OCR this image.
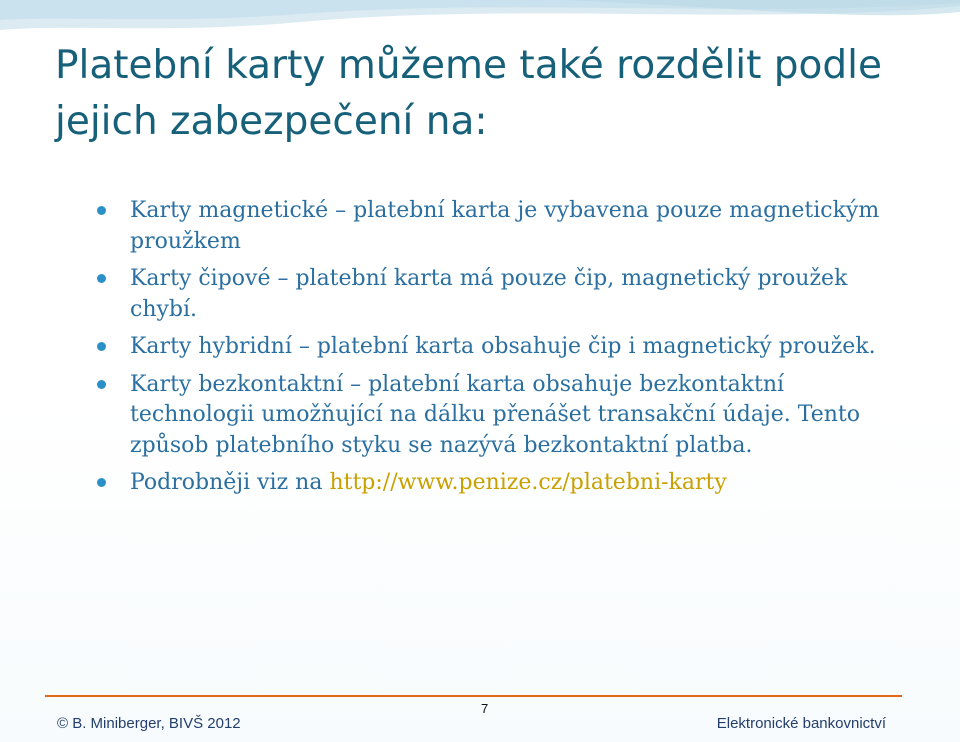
Platební karty můžeme také rozdělit podle jejich zabezpečení na:
Karty magnetické – platební karta je vybavena pouze magnetickým proužkem
Karty čipové – platební karta má pouze čip, magnetický proužek chybí.
Karty hybridní – platební karta obsahuje čip i magnetický proužek.
Karty bezkontaktní – platební karta obsahuje bezkontaktní technologii umožňující na dálku přenášet transakční údaje. Tento způsob platebního styku se nazývá bezkontaktní platba.
Podrobněji viz na http://www.penize.cz/platebni-karty
7
© B. Miniberger, BIVŠ 2012	Elektronické bankovnictví
